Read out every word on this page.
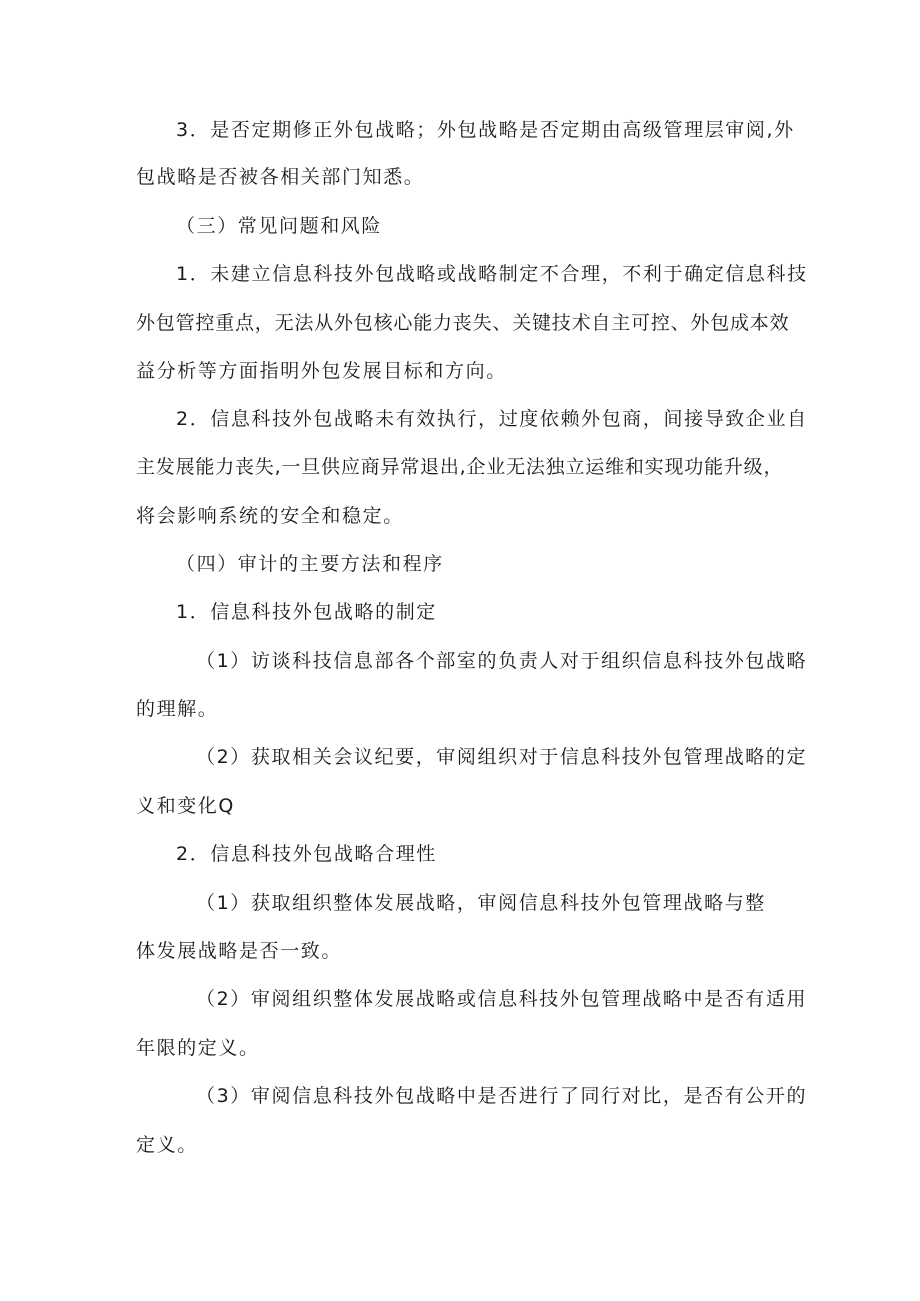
3．是否定期修正外包战略；外包战略是否定期由高级管理层审阅,外
包战略是否被各相关部门知悉。
（三）常见问题和风险
1．未建立信息科技外包战略或战略制定不合理，不利于确定信息科技
外包管控重点，无法从外包核心能力丧失、关键技术自主可控、外包成本效
益分析等方面指明外包发展目标和方向。
2．信息科技外包战略未有效执行，过度依赖外包商，间接导致企业自
主发展能力丧失,一旦供应商异常退出,企业无法独立运维和实现功能升级，
将会影响系统的安全和稳定。
（四）审计的主要方法和程序
1．信息科技外包战略的制定
（1）访谈科技信息部各个部室的负责人对于组织信息科技外包战略
的理解。
（2）获取相关会议纪要，审阅组织对于信息科技外包管理战略的定
义和变化Q
2．信息科技外包战略合理性
（1）获取组织整体发展战略，审阅信息科技外包管理战略与整
体发展战略是否一致。
（2）审阅组织整体发展战略或信息科技外包管理战略中是否有适用
年限的定义。
（3）审阅信息科技外包战略中是否进行了同行对比，是否有公开的
定义。
